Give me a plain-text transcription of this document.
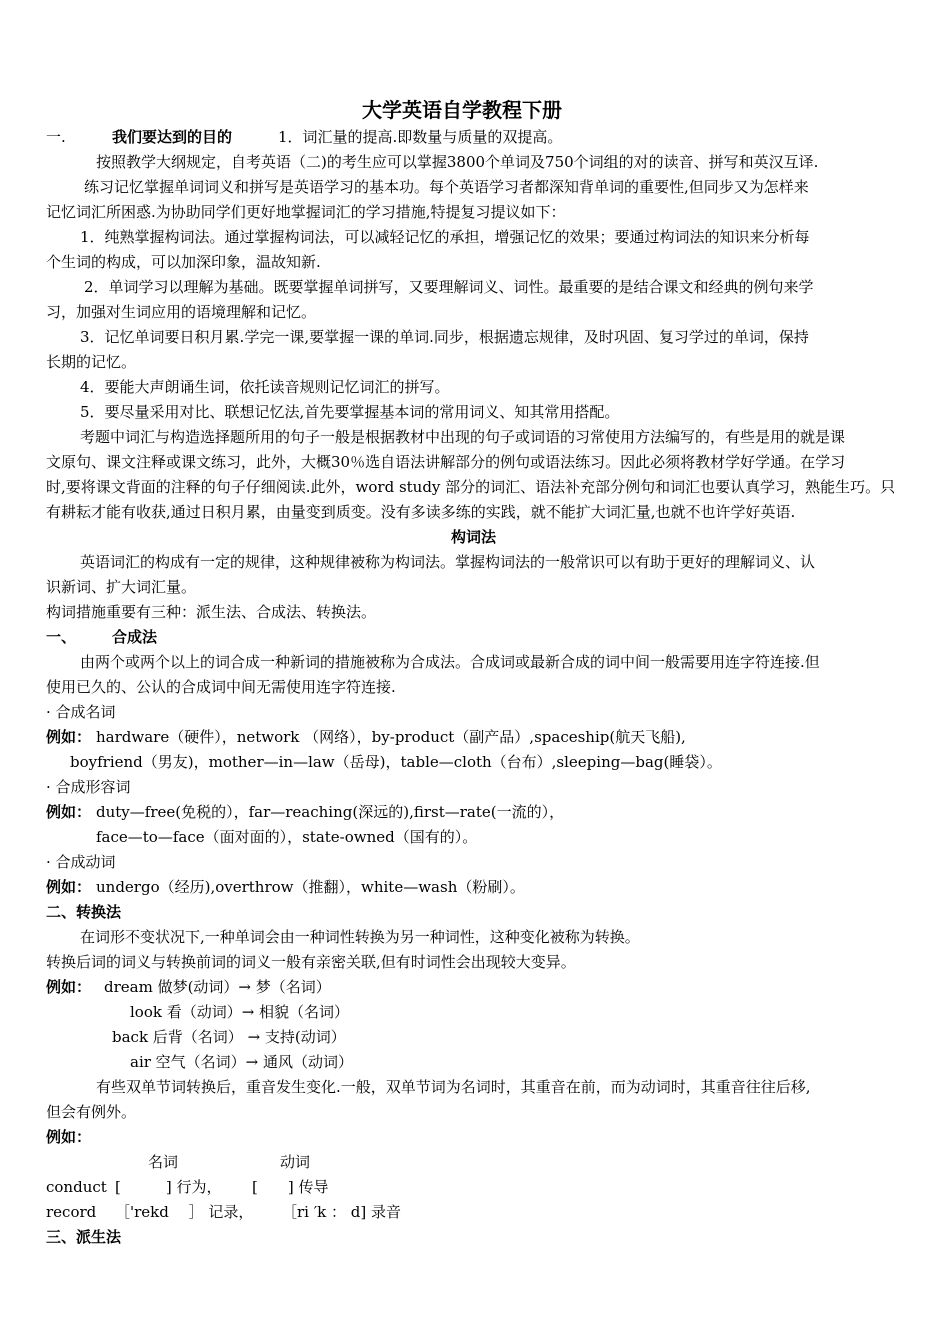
大学英语自学教程下册
一.	我们要达到的目的	1．词汇量的提高.即数量与质量的双提高。
按照教学大纲规定，自考英语（二)的考生应可以掌握3800个单词及750个词组的对的读音、拼写和英汉互译.
练习记忆掌握单词词义和拼写是英语学习的基本功。每个英语学习者都深知背单词的重要性,但同步又为怎样来
记忆词汇所困惑.为协助同学们更好地掌握词汇的学习措施,特提复习提议如下：
1．纯熟掌握构词法。通过掌握构词法，可以减轻记忆的承担，增强记忆的效果；要通过构词法的知识来分析每
个生词的构成，可以加深印象，温故知新.
2．单词学习以理解为基础。既要掌握单词拼写，又要理解词义、词性。最重要的是结合课文和经典的例句来学
习，加强对生词应用的语境理解和记忆。
3．记忆单词要日积月累.学完一课,要掌握一课的单词.同步，根据遗忘规律，及时巩固、复习学过的单词，保持
长期的记忆。
4．要能大声朗诵生词，依托读音规则记忆词汇的拼写。
5．要尽量采用对比、联想记忆法,首先要掌握基本词的常用词义、知其常用搭配。
考题中词汇与构造选择题所用的句子一般是根据教材中出现的句子或词语的习常使用方法编写的，有些是用的就是课
文原句、课文注释或课文练习，此外，大概30％选自语法讲解部分的例句或语法练习。因此必须将教材学好学通。在学习
时,要将课文背面的注释的句子仔细阅读.此外，word study 部分的词汇、语法补充部分例句和词汇也要认真学习，熟能生巧。只
有耕耘才能有收获,通过日积月累，由量变到质变。没有多读多练的实践，就不能扩大词汇量,也就不也许学好英语.
构词法
英语词汇的构成有一定的规律，这种规律被称为构词法。掌握构词法的一般常识可以有助于更好的理解词义、认
识新词、扩大词汇量。
构词措施重要有三种：派生法、合成法、转换法。
一、 合成法
由两个或两个以上的词合成一种新词的措施被称为合成法。合成词或最新合成的词中间一般需要用连字符连接.但
使用已久的、公认的合成词中间无需使用连字符连接.
· 合成名词
例如： hardware（硬件），network （网络），by-product（副产品）,spaceship(航天飞船),
boyfriend（男友)，mother—in—law（岳母)，table—cloth（台布）,sleeping—bag(睡袋）。
· 合成形容词
例如： duty—free(免税的），far—reaching(深远的),first—rate(一流的），
face—to—face（面对面的），state-owned（国有的）。
· 合成动词
例如： undergo（经历),overthrow（推翻），white—wash（粉刷）。
二、转换法
在词形不变状况下,一种单词会由一种词性转换为另一种词性，这种变化被称为转换。
转换后词的词义与转换前词的词义一般有亲密关联,但有时词性会出现较大变异。
例如： dream 做梦(动词）→ 梦（名词）
look 看（动词）→ 相貌（名词）
back 后背（名词） → 支持(动词）
air 空气（名词）→ 通风（动词）
有些双单节词转换后，重音发生变化.一般，双单节词为名词时，其重音在前，而为动词时，其重音往往后移,
但会有例外。
例如：
名词	动词
conduct [　　　] 行为， [　　] 传导
record ［'rekd　 ］ 记录， ［ri ′k ： d] 录音
三、派生法
